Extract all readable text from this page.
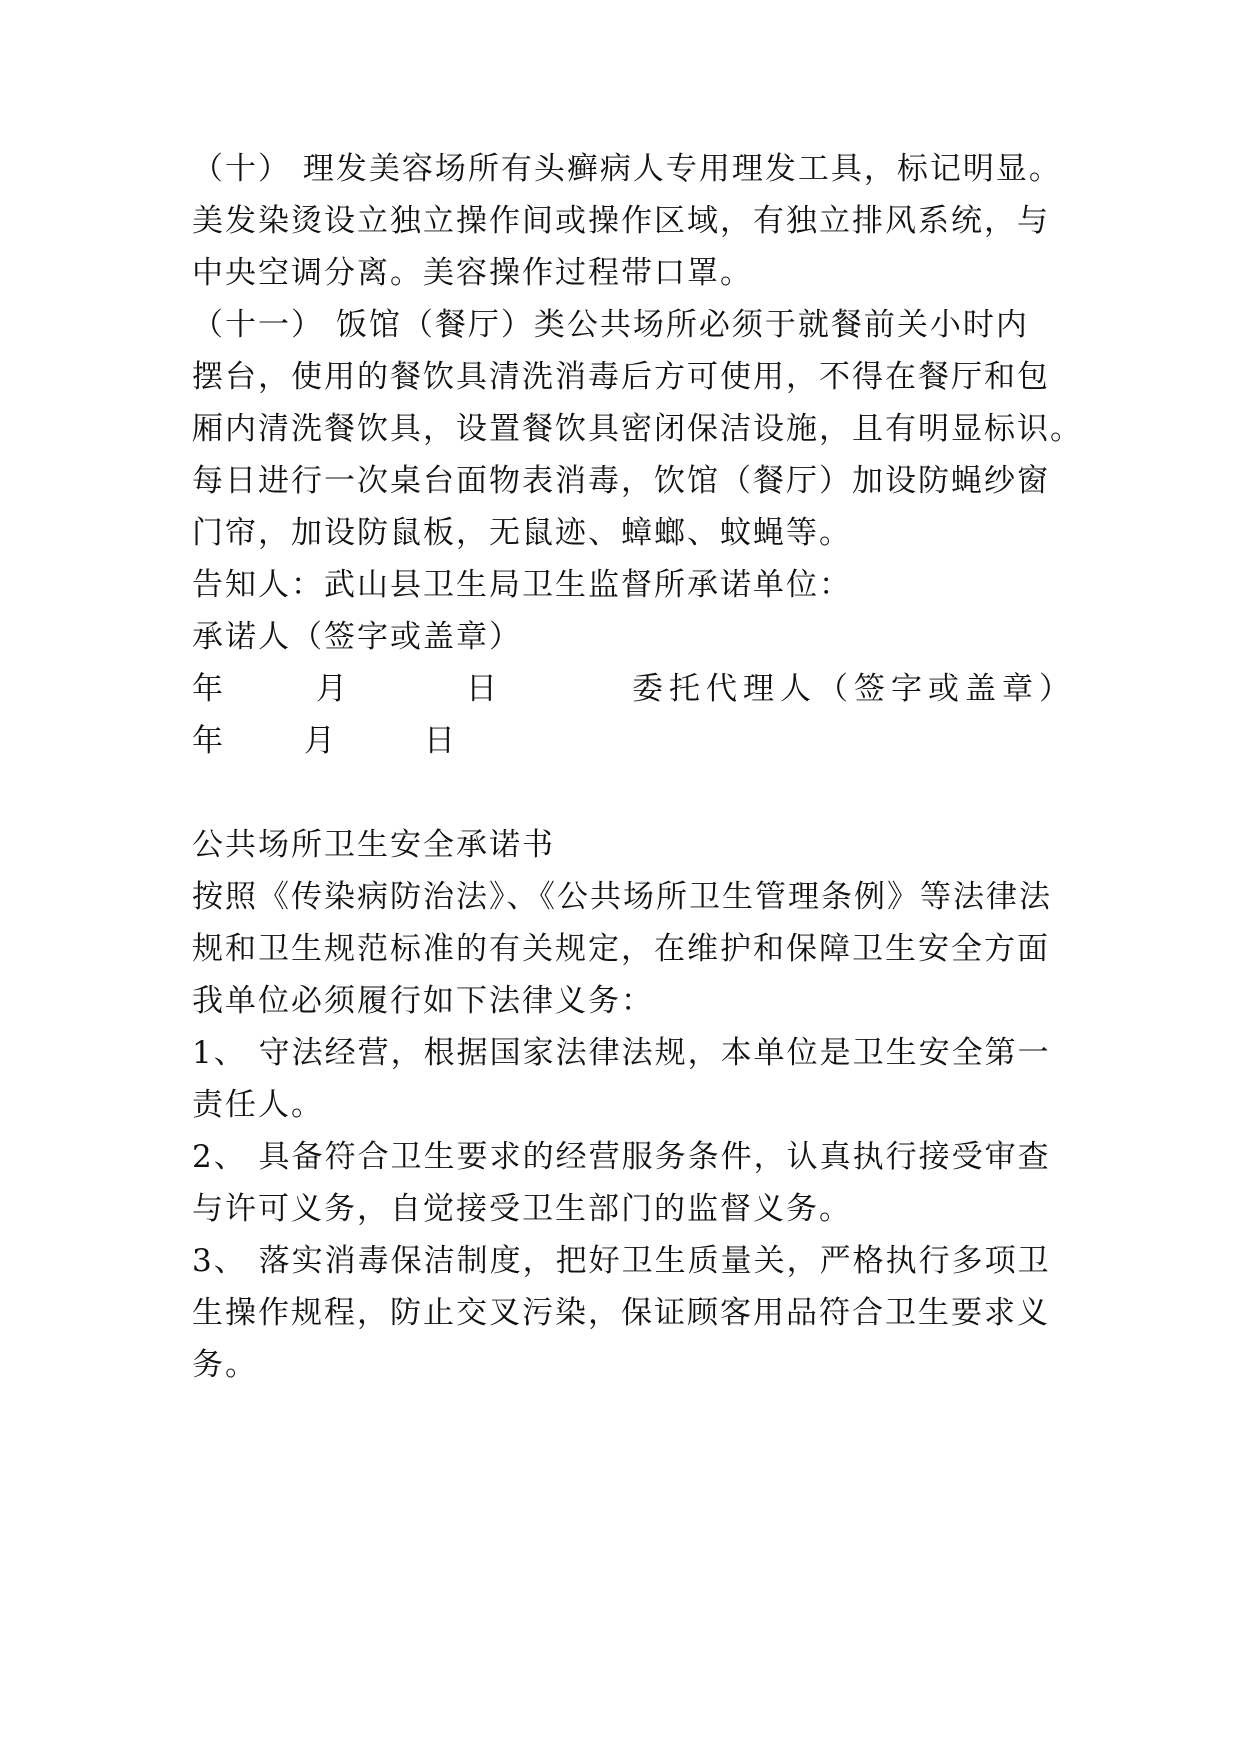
（十） 理发美容场所有头癣病人专用理发工具，标记明显。
美发染烫设立独立操作间或操作区域，有独立排风系统，与
中央空调分离。美容操作过程带口罩。
（十一） 饭馆（餐厅）类公共场所必须于就餐前关小时内
摆台，使用的餐饮具清洗消毒后方可使用，不得在餐厅和包
厢内清洗餐饮具，设置餐饮具密闭保洁设施，且有明显标识。
每日进行一次桌台面物表消毒，饮馆（餐厅）加设防蝇纱窗
门帘，加设防鼠板，无鼠迹、蟑螂、蚊蝇等。
告知人：武山县卫生局卫生监督所承诺单位：
承诺人（签字或盖章）
年	月	日	委托代理人（签字或盖章）
年	月	日
公共场所卫生安全承诺书
按照《传染病防治法》、《公共场所卫生管理条例》等法律法
规和卫生规范标准的有关规定，在维护和保障卫生安全方面
我单位必须履行如下法律义务：
1、 守法经营，根据国家法律法规，本单位是卫生安全第一
责任人。
2、 具备符合卫生要求的经营服务条件，认真执行接受审查
与许可义务，自觉接受卫生部门的监督义务。
3、 落实消毒保洁制度，把好卫生质量关，严格执行多项卫
生操作规程，防止交叉污染，保证顾客用品符合卫生要求义
务。
